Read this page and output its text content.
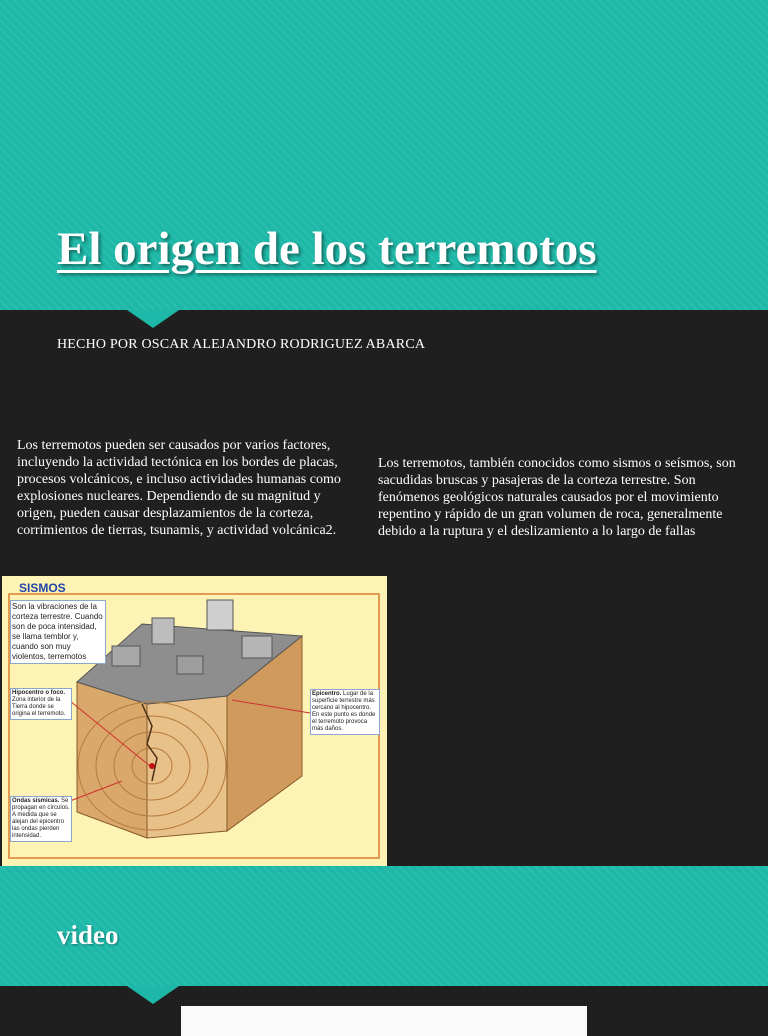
El origen de los terremotos
HECHO POR OSCAR ALEJANDRO RODRIGUEZ ABARCA

Los terremotos pueden ser causados por varios factores, incluyendo la actividad tectónica en los bordes de placas, procesos volcánicos, e incluso actividades humanas como explosiones nucleares. Dependiendo de su magnitud y origen, pueden causar desplazamientos de la corteza, corrimientos de tierras, tsunamis, y actividad volcánica2.

Los terremotos, también conocidos como sismos o seísmos, son sacudidas bruscas y pasajeras de la corteza terrestre. Son fenómenos geológicos naturales causados por el movimiento repentino y rápido de un gran volumen de roca, generalmente debido a la ruptura y el deslizamiento a lo largo de fallas

SISMOS
Son la vibraciones de la corteza terrestre. Cuando son de poca intensidad, se llama temblor y, cuando son muy violentos, terremotos
Hipocentro o foco. Zona interior de la Tierra donde se origina el terremoto.
Epicentro. Lugar de la superficie terrestre más cercano al hipocentro. En este punto es donde el terremoto provoca más daños.
Ondas sísmicas. Se propagan en círculos. A medida que se alejan del epicentro las ondas pierden intensidad.
video
